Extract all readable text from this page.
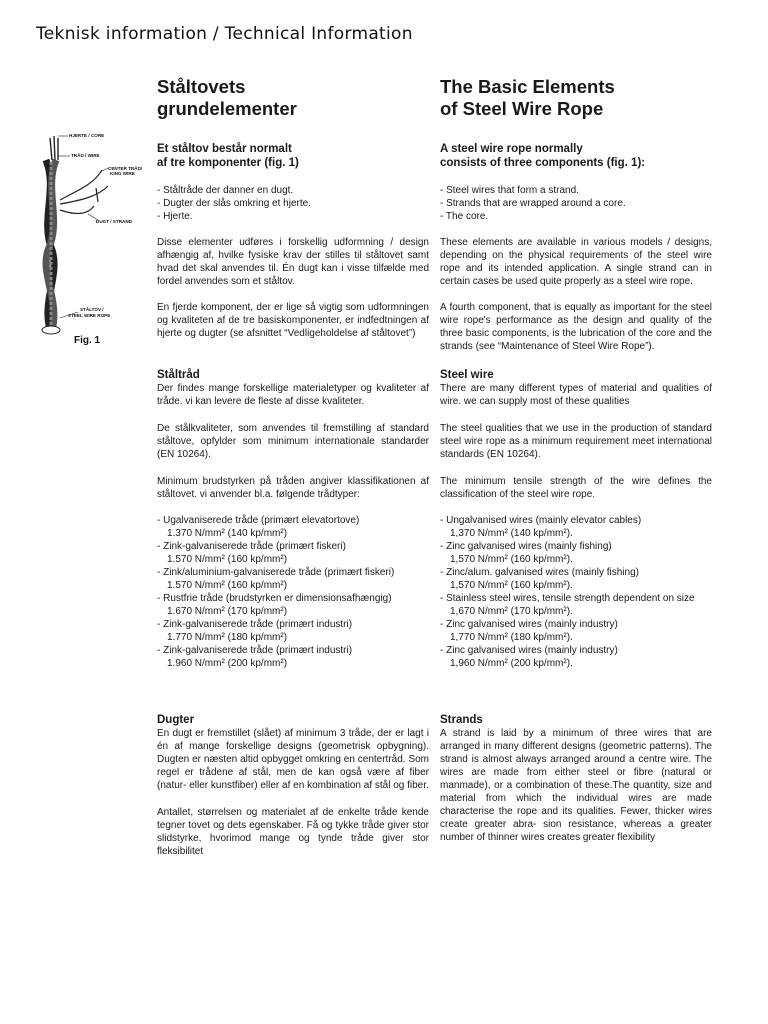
Teknisk information / Technical Information
HJERTE / CORE
TRÅD / WIRE
CENTER TRÅD/
KING WIRE
DUGT / STRAND
STÅLTOV /
STEEL WIRE ROPE
Fig. 1
Ståltovets
grundelementer
Et ståltov består normalt
af tre komponenter (fig. 1)
- Ståltråde der danner en dugt.
- Dugter der slås omkring et hjerte.
- Hjerte.

Disse elementer udføres i forskellig udformning / design afhængig af, hvilke fysiske krav der stilles til ståltovet samt hvad det skal anvendes til. Én dugt kan i visse tilfælde med fordel anvendes som et ståltov.

En fjerde komponent, der er lige så vigtig som udformningen og kvaliteten af de tre basiskomponenter, er indfedtningen af hjerte og dugter (se afsnittet “Vedligeholdelse af ståltovet”)

Ståltråd

Der findes mange forskellige materialetyper og kvaliteter af tråde. vi kan levere de fleste af disse kvaliteter.

De stålkvaliteter, som anvendes til fremstilling af standard ståltove, opfylder som minimum internationale standarder (EN 10264).

Minimum brudstyrken på tråden angiver klassifikationen af ståltovet. vi anvender bl.a. følgende trådtyper:

- Ugalvaniserede tråde (primært elevatortove)
1.370 N/mm² (140 kp/mm²)
- Zink-galvaniserede tråde (primært fiskeri)
1.570 N/mm² (160 kp/mm²)
- Zink/aluminium-galvaniserede tråde (primært fiskeri)
1.570 N/mm² (160 kp/mm²)
- Rustfrie tråde (brudstyrken er dimensionsafhængig)
1.670 N/mm² (170 kp/mm²)
- Zink-galvaniserede tråde (primært industri)
1.770 N/mm² (180 kp/mm²)
- Zink-galvaniserede tråde (primært industri)
1.960 N/mm² (200 kp/mm²)
Dugter

En dugt er fremstillet (slået) af minimum 3 tråde, der er lagt i én af mange forskellige designs (geometrisk opbygning). Dugten er næsten altid opbygget omkring en centertråd. Som regel er trådene af stål, men de kan også være af fiber (natur- eller kunstfiber) eller af en kombination af stål og fiber.

Antallet, størrelsen og materialet af de enkelte tråde kende tegner tovet og dets egenskaber. Få og tykke tråde giver stor slidstyrke, hvorimod mange og tynde tråde giver stor fleksibilitet

The Basic Elements
of Steel Wire Rope
A steel wire rope normally
consists of three components (fig. 1):
- Steel wires that form a strand.
- Strands that are wrapped around a core.
- The core.

These elements are available in various models / designs, depending on the physical requirements of the steel wire rope and its intended application. A single strand can in certain cases be used quite properly as a steel wire rope.

A fourth component, that is equally as important for the steel wire rope's performance as the design and quality of the three basic components, is the lubrication of the core and the strands (see “Maintenance of Steel Wire Rope”).

Steel wire

There are many different types of material and qualities of wire. we can supply most of these qualities

The steel qualities that we use in the production of standard steel wire rope as a minimum requirement meet international standards (EN 10264).

The minimum tensile strength of the wire defines the classification of the steel wire rope.

- Ungalvanised wires (mainly elevator cables)
1,370 N/mm² (140 kp/mm²).
- Zinc galvanised wires (mainly fishing)
1,570 N/mm² (160 kp/mm²).
- Zinc/alum. galvanised wires (mainly fishing)
1,570 N/mm² (160 kp/mm²).
- Stainless steel wires, tensile strength dependent on size
1,670 N/mm² (170 kp/mm²).
- Zinc galvanised wires (mainly industry)
1,770 N/mm² (180 kp/mm²).
- Zinc galvanised wires (mainly industry)
1,960 N/mm² (200 kp/mm²).
Strands

A strand is laid by a minimum of three wires that are arranged in many different designs (geometric patterns). The strand is almost always arranged around a centre wire. The wires are made from either steel or fibre (natural or manmade), or a combination of these.The quantity, size and material from which the individual wires are made characterise the rope and its qualities. Fewer, thicker wires create greater abra- sion resistance, whereas a greater number of thinner wires creates greater flexibility
